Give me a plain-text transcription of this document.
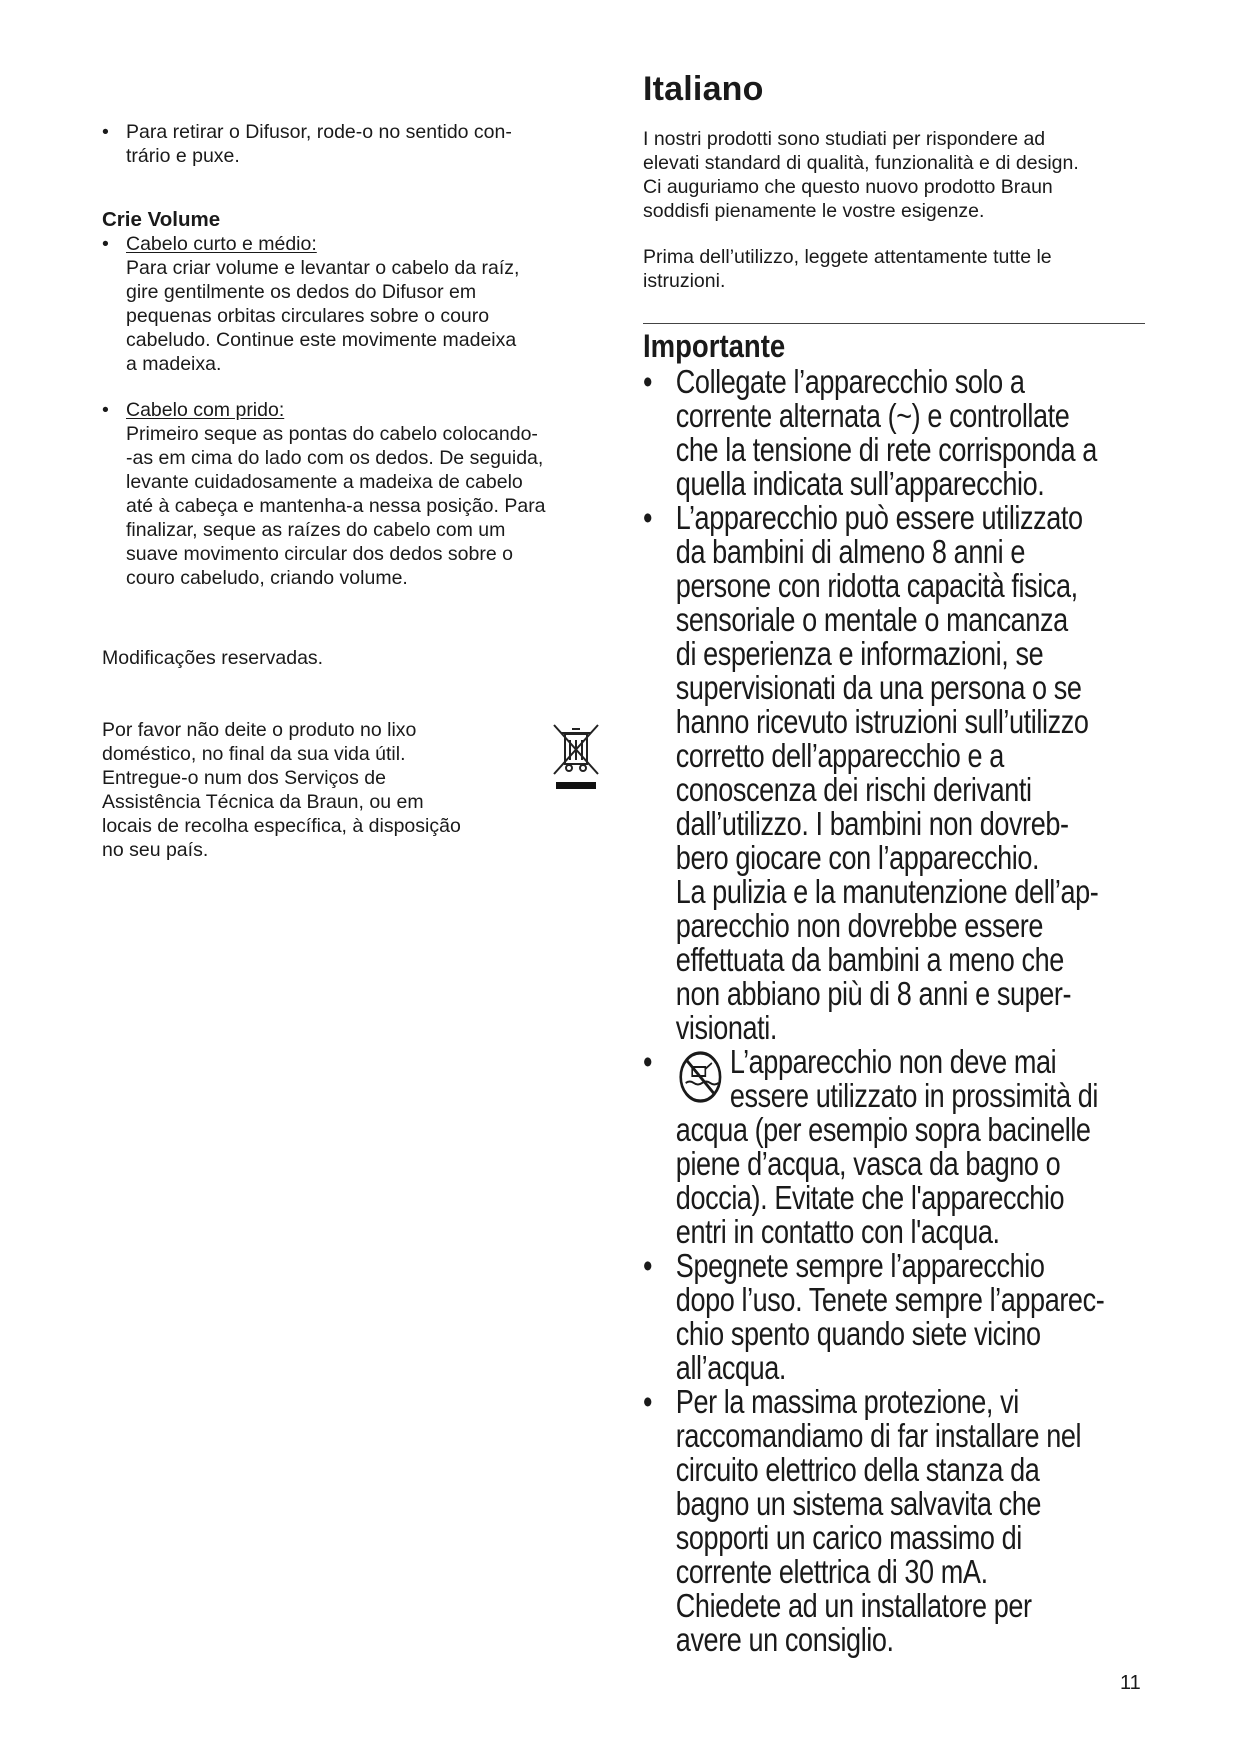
• Para retirar o Difusor, rode-o no sentido con-
trário e puxe.
Crie Volume
• Cabelo curto e médio:
Para criar volume e levantar o cabelo da raíz,
gire gentilmente os dedos do Difusor em
pequenas orbitas circulares sobre o couro
cabeludo. Continue este movimente madeixa
a madeixa.
• Cabelo com prido:
Primeiro seque as pontas do cabelo colocando-
-as em cima do lado com os dedos. De seguida,
levante cuidadosamente a madeixa de cabelo
até à cabeça e mantenha-a nessa posição. Para
finalizar, seque as raízes do cabelo com um
suave movimento circular dos dedos sobre o
couro cabeludo, criando volume.
Modificações reservadas.
Por favor não deite o produto no lixo
doméstico, no final da sua vida útil.
Entregue-o num dos Serviços de
Assistência Técnica da Braun, ou em
locais de recolha específica, à disposição
no seu país.
Italiano

I nostri prodotti sono studiati per rispondere ad
elevati standard di qualità, funzionalità e di design.
Ci auguriamo che questo nuovo prodotto Braun
soddisfi pienamente le vostre esigenze.

Prima dell’utilizzo, leggete attentamente tutte le
istruzioni.

Importante
• Collegate l’apparecchio solo a
corrente alternata (~) e controllate
che la tensione di rete corrisponda a
quella indicata sull’apparecchio.
• L’apparecchio può essere utilizzato
da bambini di almeno 8 anni e
persone con ridotta capacità fisica,
sensoriale o mentale o mancanza
di esperienza e informazioni, se
supervisionati da una persona o se
hanno ricevuto istruzioni sull’utilizzo
corretto dell’apparecchio e a
conoscenza dei rischi derivanti
dall’utilizzo. I bambini non dovreb-
bero giocare con l’apparecchio.
La pulizia e la manutenzione dell’ap-
parecchio non dovrebbe essere
effettuata da bambini a meno che
non abbiano più di 8 anni e super-
visionati.
•	L’apparecchio non deve mai
essere utilizzato in prossimità di
acqua (per esempio sopra bacinelle
piene d’acqua, vasca da bagno o
doccia). Evitate che l'apparecchio
entri in contatto con l'acqua.
• Spegnete sempre l’apparecchio
dopo l’uso. Tenete sempre l’apparec-
chio spento quando siete vicino
all’acqua.
• Per la massima protezione, vi
raccomandiamo di far installare nel
circuito elettrico della stanza da
bagno un sistema salvavita che
sopporti un carico massimo di
corrente elettrica di 30 mA.
Chiedete ad un installatore per
avere un consiglio.
11
